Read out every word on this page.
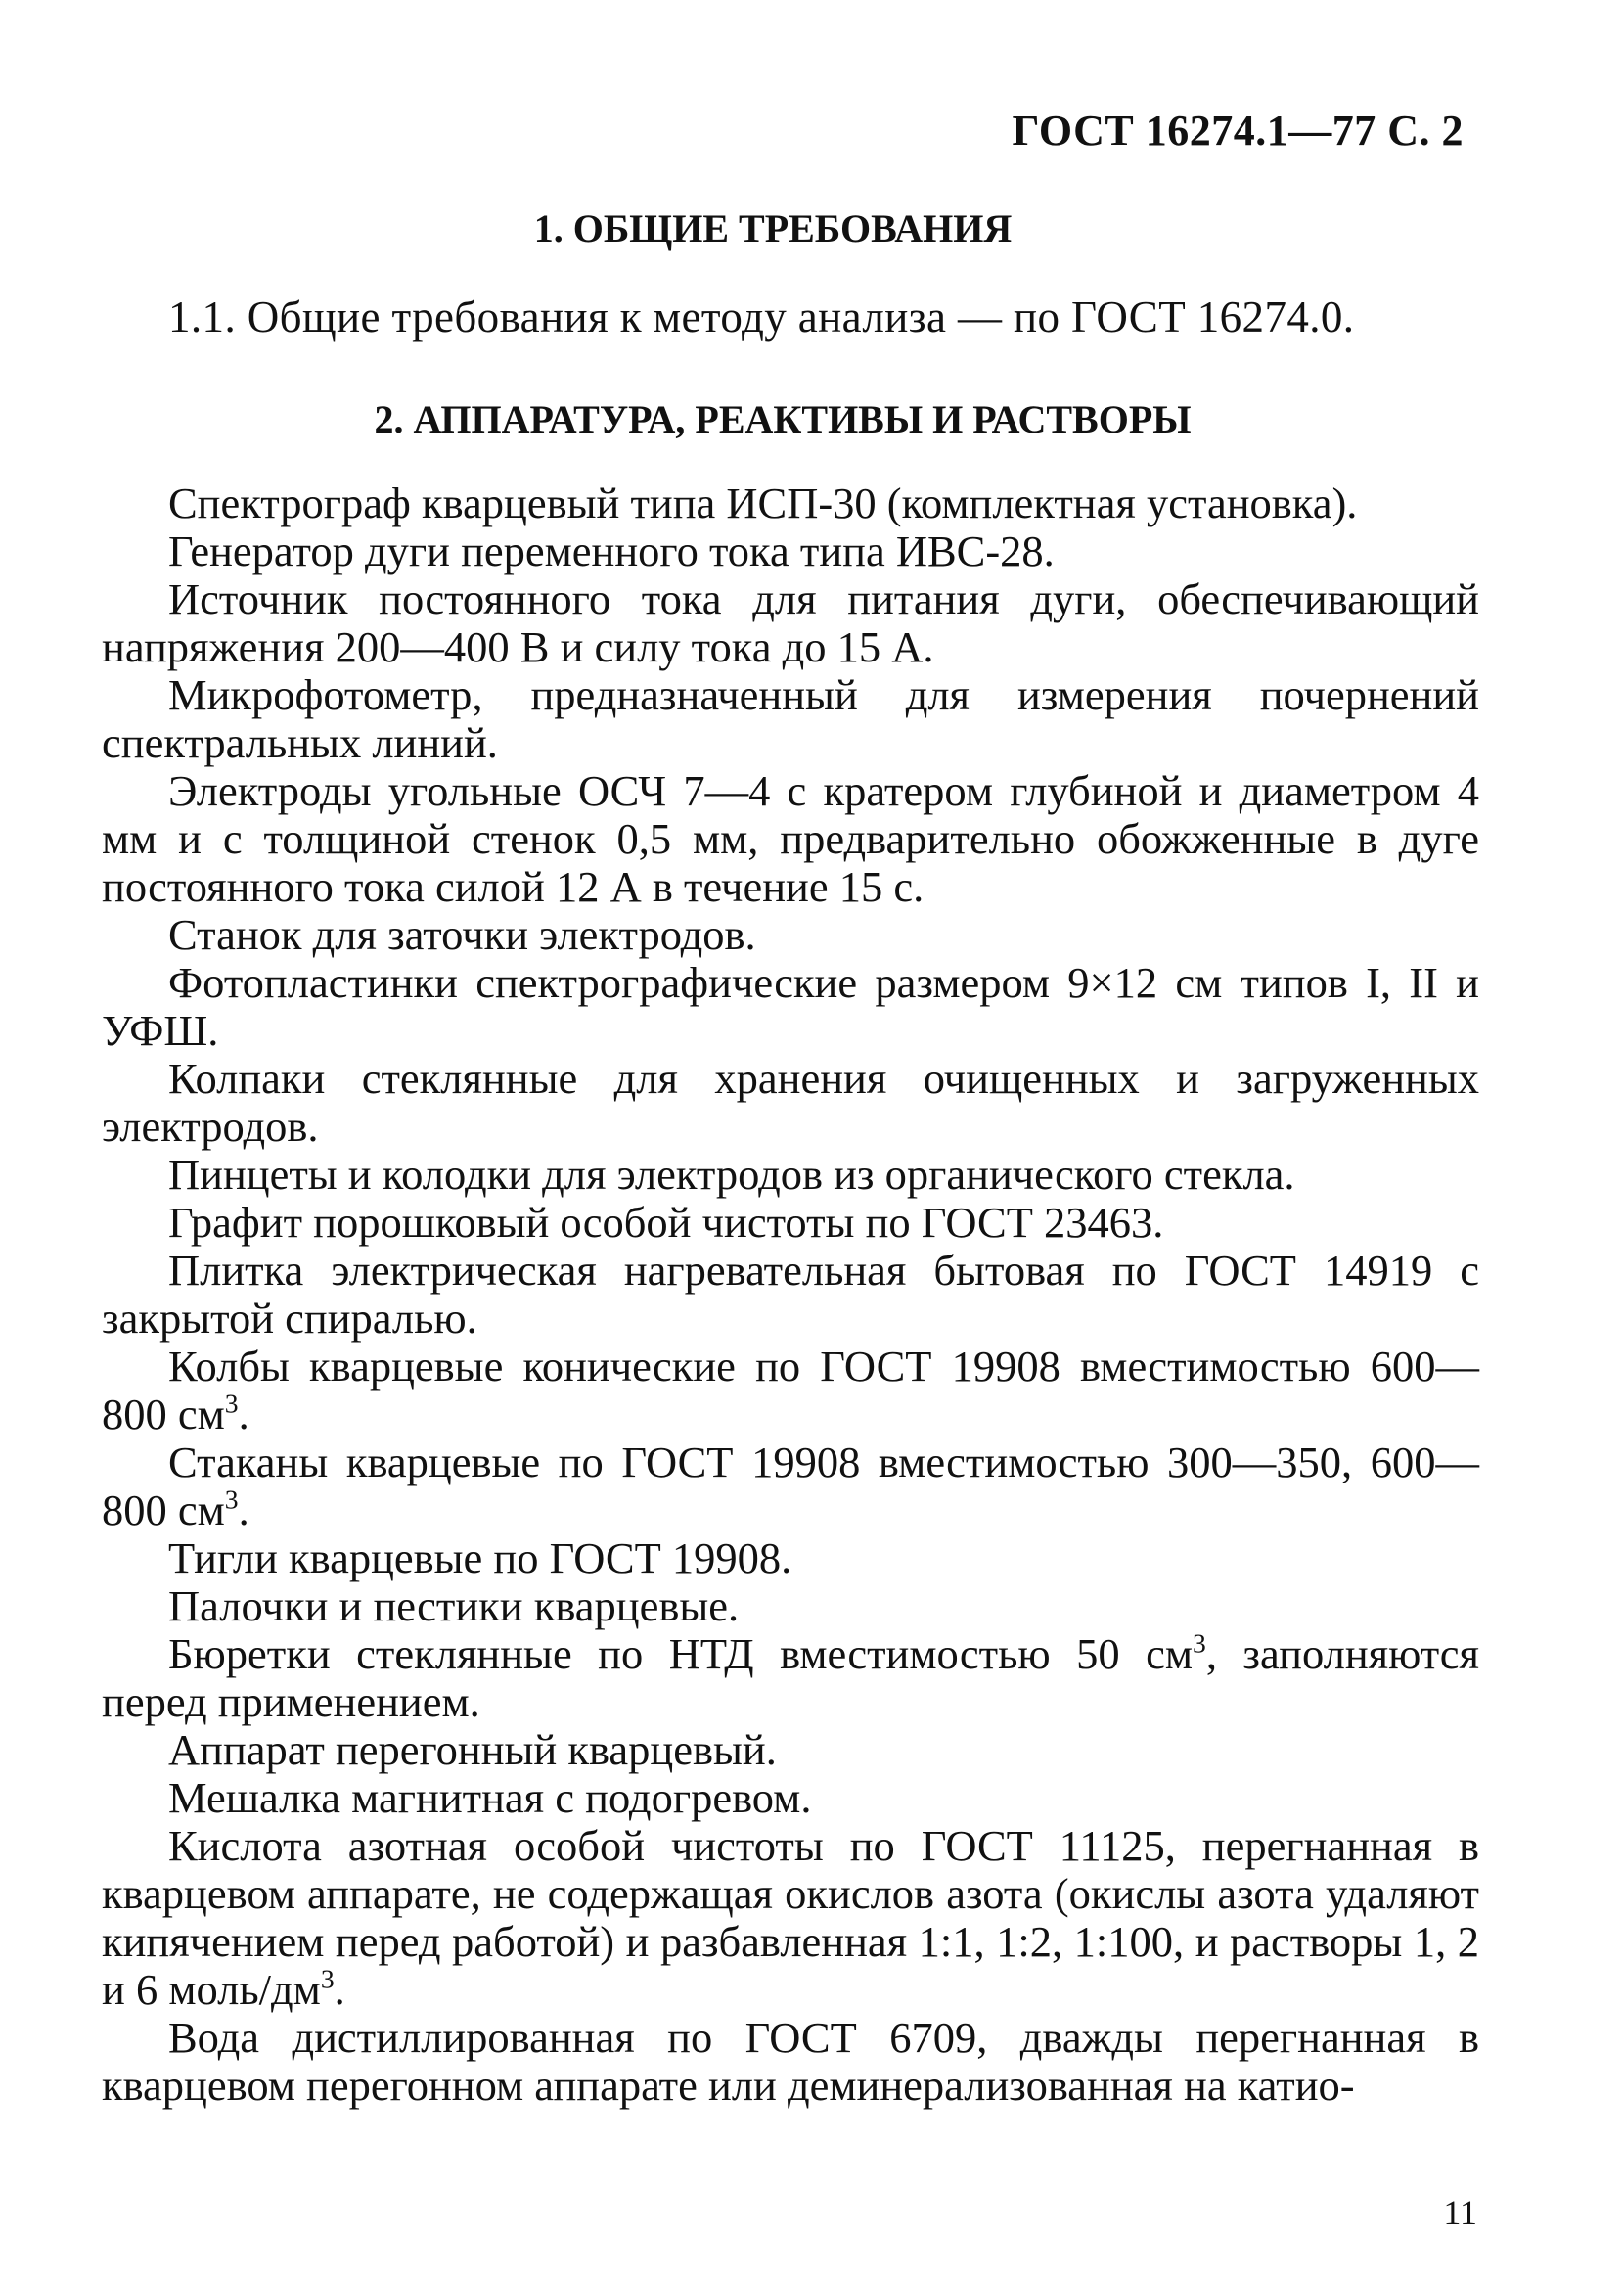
ГОСТ 16274.1—77 С. 2
1. ОБЩИЕ ТРЕБОВАНИЯ
1.1. Общие требования к методу анализа — по ГОСТ 16274.0.
2. АППАРАТУРА, РЕАКТИВЫ И РАСТВОРЫ

Спектрограф кварцевый типа ИСП-30 (комплектная установка).

Генератор дуги переменного тока типа ИВС-28.

Источник постоянного тока для питания дуги, обеспечивающий напряжения 200—400 В и силу тока до 15 А.

Микрофотометр, предназначенный для измерения почернений спектральных линий.

Электроды угольные ОСЧ 7—4 с кратером глубиной и диаметром 4 мм и с толщиной стенок 0,5 мм, предварительно обожженные в дуге постоянного тока силой 12 А в течение 15 с.

Станок для заточки электродов.

Фотопластинки спектрографические размером 9×12 см типов I, II и УФШ.

Колпаки стеклянные для хранения очищенных и загруженных электродов.

Пинцеты и колодки для электродов из органического стекла.

Графит порошковый особой чистоты по ГОСТ 23463.

Плитка электрическая нагревательная бытовая по ГОСТ 14919 с закрытой спиралью.

Колбы кварцевые конические по ГОСТ 19908 вместимостью 600—800 $см^3$.

Стаканы кварцевые по ГОСТ 19908 вместимостью 300—350, 600—800 $см^3$.

Тигли кварцевые по ГОСТ 19908.

Палочки и пестики кварцевые.

Бюретки стеклянные по НТД вместимостью 50 $см^3$, заполняются перед применением.

Аппарат перегонный кварцевый.

Мешалка магнитная с подогревом.

Кислота азотная особой чистоты по ГОСТ 11125, перегнанная в кварцевом аппарате, не содержащая окислов азота (окислы азота удаляют кипячением перед работой) и разбавленная 1:1, 1:2, 1:100, и растворы 1, 2 и 6 моль/$дм^3$.

Вода дистиллированная по ГОСТ 6709, дважды перегнанная в кварцевом перегонном аппарате или деминерализованная на катио-

11
